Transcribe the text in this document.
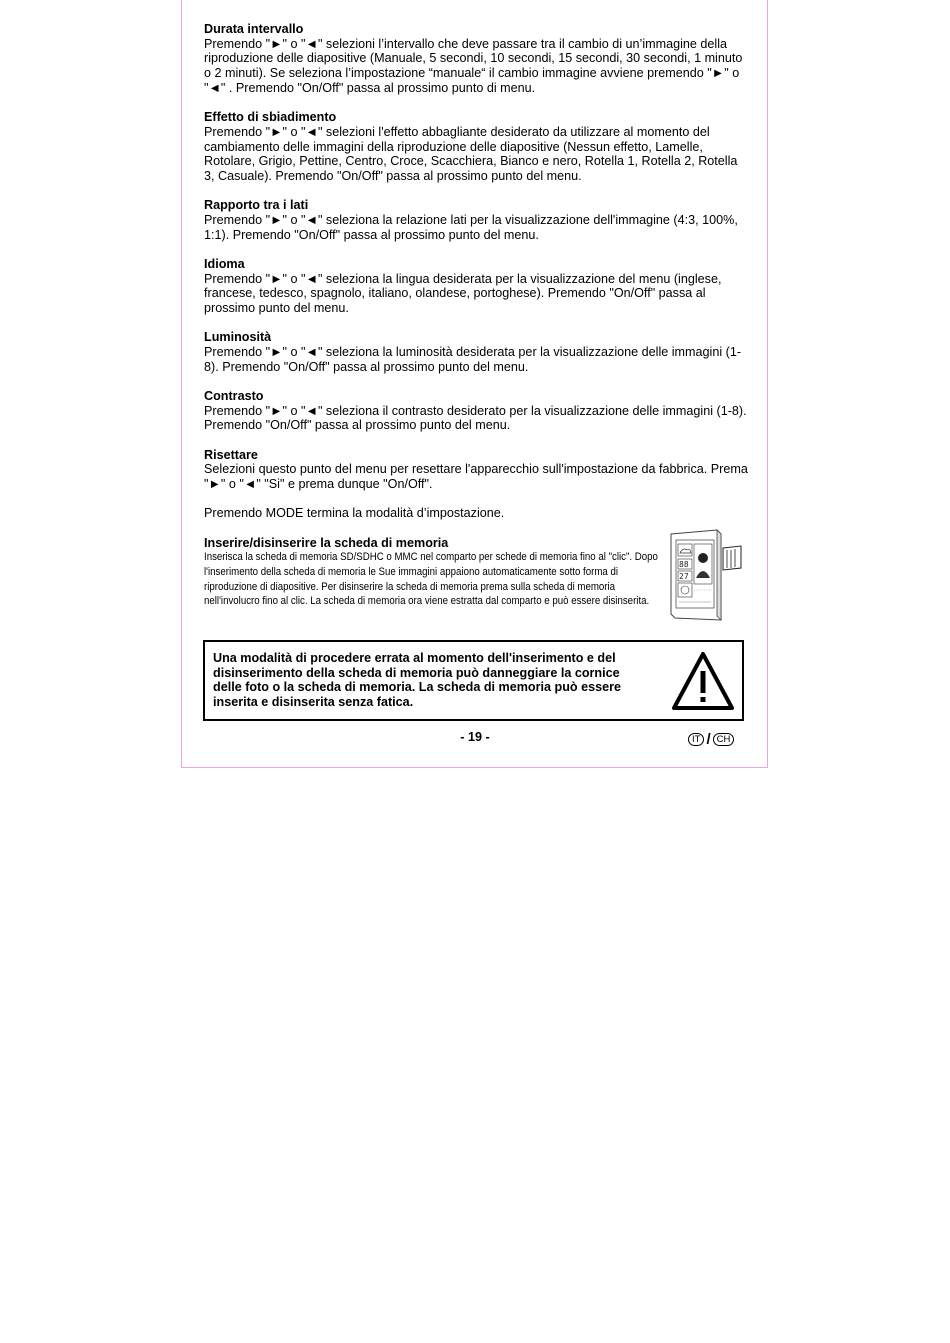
Durata intervallo

Premendo "►" o "◄" selezioni l’intervallo che deve passare tra il cambio di un’immagine della riproduzione delle diapositive (Manuale, 5 secondi, 10 secondi, 15 secondi, 30 secondi, 1 minuto o 2 minuti). Se seleziona l’impostazione “manuale“ il cambio immagine avviene premendo "►" o "◄" . Premendo "On/Off" passa al prossimo punto di menu.

Effetto di sbiadimento

Premendo "►" o "◄" selezioni l'effetto abbagliante desiderato da utilizzare al momento del cambiamento delle immagini della riproduzione delle diapositive (Nessun effetto, Lamelle, Rotolare, Grigio, Pettine, Centro, Croce, Scacchiera, Bianco e nero, Rotella 1, Rotella 2, Rotella 3, Casuale). Premendo "On/Off" passa al prossimo punto del menu.

Rapporto tra i lati

Premendo "►" o "◄" seleziona la relazione lati per la visualizzazione dell'immagine (4:3, 100%, 1:1). Premendo "On/Off" passa al prossimo punto del menu.

Idioma

Premendo "►" o "◄" seleziona la lingua desiderata per la visualizzazione del menu (inglese, francese, tedesco, spagnolo, italiano, olandese, portoghese). Premendo "On/Off" passa al prossimo punto del menu.

Luminosità

Premendo "►" o "◄" seleziona la luminosità desiderata per la visualizzazione delle immagini (1-8). Premendo "On/Off" passa al prossimo punto del menu.

Contrasto

Premendo "►" o "◄" seleziona il contrasto desiderato per la visualizzazione delle immagini (1-8). Premendo "On/Off" passa al prossimo punto del menu.

Risettare

Selezioni questo punto del menu per resettare l'apparecchio sull'impostazione da fabbrica. Prema "►" o "◄" "Si" e prema dunque "On/Off".

Premendo MODE termina la modalità d’impostazione.

Inserire/disinserire la scheda di memoria

Inserisca la scheda di memoria SD/SDHC o MMC nel comparto per schede di memoria fino al "clic". Dopo l'inserimento della scheda di memoria le Sue immagini appaiono automaticamente sotto forma di riproduzione di diapositive. Per disinserire la scheda di memoria prema sulla scheda di memoria nell'involucro fino al clic. La scheda di memoria ora viene estratta dal comparto e può essere disinserita.

88
27

Una modalità di procedere errata al momento dell'inserimento e del disinserimento della scheda di memoria può danneggiare la cornice delle foto o la scheda di memoria. La scheda di memoria può essere inserita e disinserita senza fatica.

- 19 -	IT / CH
